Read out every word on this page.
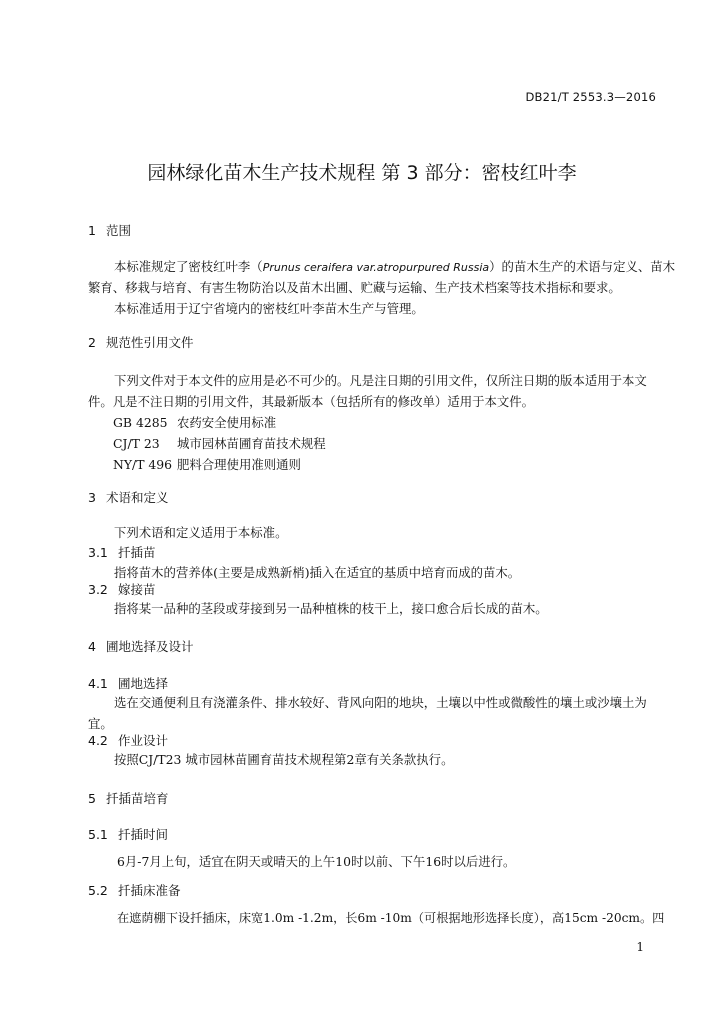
DB21/T 2553.3—2016
园林绿化苗木生产技术规程 第 3 部分：密枝红叶李
1 范围
本标准规定了密枝红叶李（Prunus ceraifera var.atropurpured Russia）的苗木生产的术语与定义、苗木
繁育、移栽与培育、有害生物防治以及苗木出圃、贮藏与运输、生产技术档案等技术指标和要求。
本标准适用于辽宁省境内的密枝红叶李苗木生产与管理。
2 规范性引用文件
下列文件对于本文件的应用是必不可少的。凡是注日期的引用文件，仅所注日期的版本适用于本文
件。凡是不注日期的引用文件，其最新版本（包括所有的修改单）适用于本文件。
GB 4285 农药安全使用标准
CJ/T 23 城市园林苗圃育苗技术规程
NY/T 496 肥料合理使用准则通则
3 术语和定义
下列术语和定义适用于本标准。
3.1 扦插苗
指将苗木的营养体(主要是成熟新梢)插入在适宜的基质中培育而成的苗木。
3.2 嫁接苗
指将某一品种的茎段或芽接到另一品种植株的枝干上，接口愈合后长成的苗木。
4 圃地选择及设计
4.1 圃地选择
选在交通便利且有浇灌条件、排水较好、背风向阳的地块，土壤以中性或微酸性的壤土或沙壤土为
宜。
4.2 作业设计
按照CJ/T23 城市园林苗圃育苗技术规程第2章有关条款执行。
5 扦插苗培育
5.1 扦插时间
6月-7月上旬，适宜在阴天或晴天的上午10时以前、下午16时以后进行。
5.2 扦插床准备
在遮荫棚下设扦插床，床宽1.0m -1.2m，长6m -10m（可根据地形选择长度），高15cm -20cm。四
1
